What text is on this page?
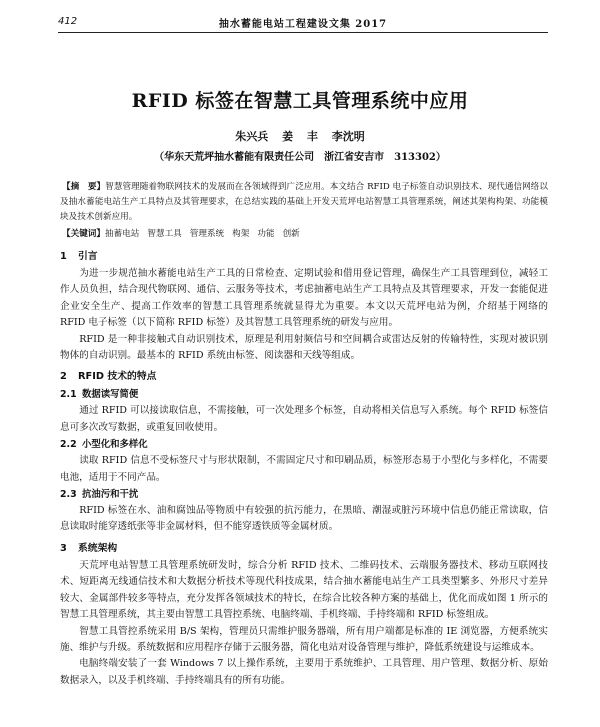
412	抽水蓄能电站工程建设文集 2017
RFID 标签在智慧工具管理系统中应用
朱兴兵 姜 丰 李沈明
（华东天荒坪抽水蓄能有限责任公司　浙江省安吉市　313302）

【摘　要】智慧管理随着物联网技术的发展而在各领域得到广泛应用。本文结合 RFID 电子标签自动识别技术、现代通信网络以及抽水蓄能电站生产工具特点及其管理要求，在总结实践的基础上开发天荒坪电站智慧工具管理系统，阐述其架构构架、功能模块及技术创新应用。

【关键词】抽蓄电站 智慧工具 管理系统 构架 功能 创新

1 引言

为进一步规范抽水蓄能电站生产工具的日常检查、定期试验和借用登记管理，确保生产工具管理到位，减轻工作人员负担，结合现代物联网、通信、云服务等技术，考虑抽蓄电站生产工具特点及其管理要求，开发一套能促进企业安全生产、提高工作效率的智慧工具管理系统就显得尤为重要。本文以天荒坪电站为例，介绍基于网络的 RFID 电子标签（以下简称 RFID 标签）及其智慧工具管理系统的研发与应用。

RFID 是一种非接触式自动识别技术，原理是利用射频信号和空间耦合或雷达反射的传输特性，实现对被识别物体的自动识别。最基本的 RFID 系统由标签、阅读器和天线等组成。

2 RFID 技术的特点
2.1 数据读写简便

通过 RFID 可以接读取信息，不需接触，可一次处理多个标签，自动将相关信息写入系统。每个 RFID 标签信息可多次改写数据，或重复回收使用。

2.2 小型化和多样化

读取 RFID 信息不受标签尺寸与形状限制，不需固定尺寸和印刷品质，标签形态易于小型化与多样化，不需要电池，适用于不同产品。

2.3 抗油污和干扰

RFID 标签在水、油和腐蚀品等物质中有较强的抗污能力，在黑暗、潮湿或脏污环境中信息仍能正常读取，信息读取时能穿透纸张等非金属材料，但不能穿透铁质等金属材质。

3 系统架构

天荒坪电站智慧工具管理系统研发时，综合分析 RFID 技术、二维码技术、云端服务器技术、移动互联网技术、短距离无线通信技术和大数据分析技术等现代科技成果，结合抽水蓄能电站生产工具类型繁多、外形尺寸差异较大、金属部件较多等特点，充分发挥各领域技术的特长，在综合比较各种方案的基础上，优化而成如图 1 所示的智慧工具管理系统，其主要由智慧工具管控系统、电脑终端、手机终端、手持终端和 RFID 标签组成。

智慧工具管控系统采用 B/S 架构，管理员只需维护服务器端，所有用户端都是标准的 IE 浏览器，方便系统实施、维护与升级。系统数据和应用程序存储于云服务器，简化电站对设备管理与维护，降低系统建设与运维成本。

电脑终端安装了一套 Windows 7 以上操作系统，主要用于系统维护、工具管理、用户管理、数据分析、原始数据录入，以及手机终端、手持终端具有的所有功能。
